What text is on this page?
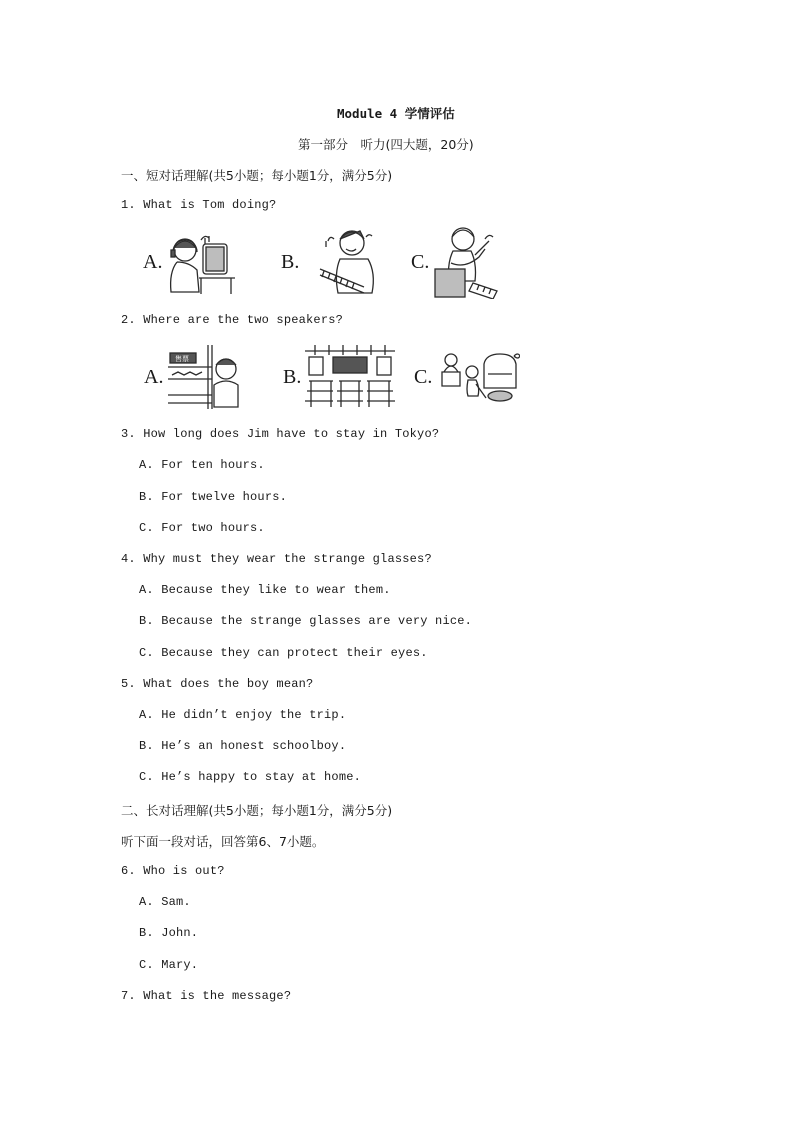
Module 4 学情评估
第一部分　听力(四大题，20分)
一、短对话理解(共5小题；每小题1分，满分5分)
1. What is Tom doing?
A.	B.	C.
2. Where are the two speakers?
A.	B.	C.
售票
3. How long does Jim have to stay in Tokyo?
A. For ten hours.
B. For twelve hours.
C. For two hours.
4. Why must they wear the strange glasses?
A. Because they like to wear them.
B. Because the strange glasses are very nice.
C. Because they can protect their eyes.
5. What does the boy mean?
A. He didn’t enjoy the trip.
B. He’s an honest schoolboy.
C. He’s happy to stay at home.
二、长对话理解(共5小题；每小题1分，满分5分)
听下面一段对话，回答第6、7小题。
6. Who is out?
A. Sam.
B. John.
C. Mary.
7. What is the message?
